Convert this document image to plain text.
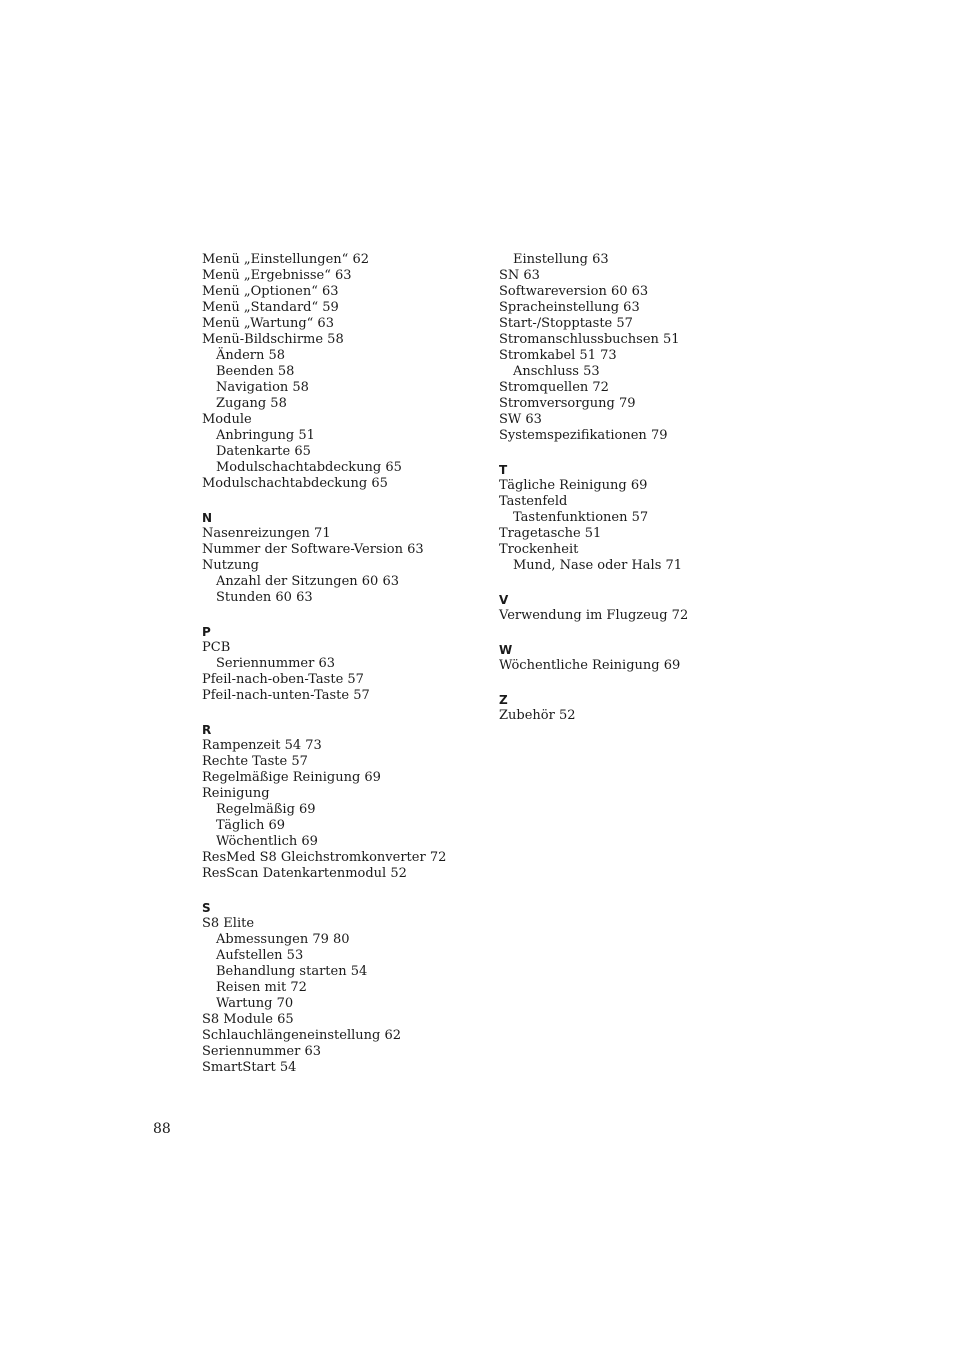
Menü „Einstellungen“ 62
Menü „Ergebnisse“ 63
Menü „Optionen“ 63
Menü „Standard“ 59
Menü „Wartung“ 63
Menü-Bildschirme 58
Ändern 58
Beenden 58
Navigation 58
Zugang 58
Module
Anbringung 51
Datenkarte 65
Modulschachtabdeckung 65
Modulschachtabdeckung 65
N
Nasenreizungen 71
Nummer der Software-Version 63
Nutzung
Anzahl der Sitzungen 60 63
Stunden 60 63
P
PCB
Seriennummer 63
Pfeil-nach-oben-Taste 57
Pfeil-nach-unten-Taste 57
R
Rampenzeit 54 73
Rechte Taste 57
Regelmäßige Reinigung 69
Reinigung
Regelmäßig 69
Täglich 69
Wöchentlich 69
ResMed S8 Gleichstromkonverter 72
ResScan Datenkartenmodul 52
S
S8 Elite
Abmessungen 79 80
Aufstellen 53
Behandlung starten 54
Reisen mit 72
Wartung 70
S8 Module 65
Schlauchlängeneinstellung 62
Seriennummer 63
SmartStart 54
Einstellung 63
SN 63
Softwareversion 60 63
Spracheinstellung 63
Start-/Stopptaste 57
Stromanschlussbuchsen 51
Stromkabel 51 73
Anschluss 53
Stromquellen 72
Stromversorgung 79
SW 63
Systemspezifikationen 79
T
Tägliche Reinigung 69
Tastenfeld
Tastenfunktionen 57
Tragetasche 51
Trockenheit
Mund, Nase oder Hals 71
V
Verwendung im Flugzeug 72
W
Wöchentliche Reinigung 69
Z
Zubehör 52
88
